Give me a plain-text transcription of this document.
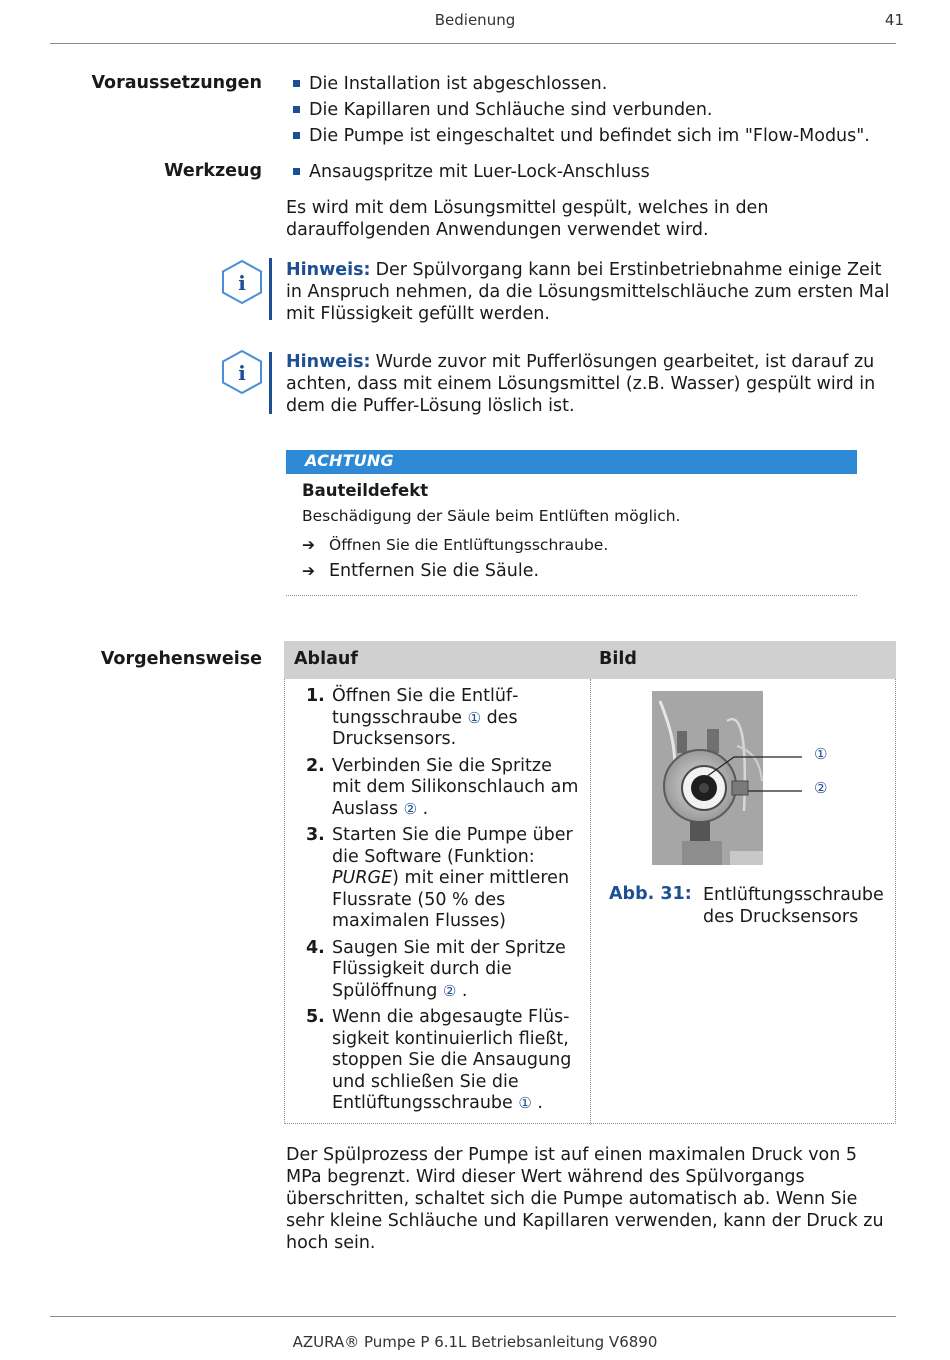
Bedienung	41
Voraussetzungen	Die Installation ist abgeschlossen.
Die Kapillaren und Schläuche sind verbunden.
Die Pumpe ist eingeschaltet und befindet sich im "Flow-Modus".
Werkzeug	Ansaugspritze mit Luer-Lock-Anschluss
Es wird mit dem Lösungsmittel gespült, welches in den darauffolgenden Anwendungen verwendet wird.
i
Hinweis: Der Spülvorgang kann bei Erstinbetriebnahme einige Zeit in Anspruch nehmen, da die Lösungsmittelschläuche zum ersten Mal mit Flüssigkeit gefüllt werden.
i Hinweis: Wurde zuvor mit Pufferlösungen gearbeitet, ist darauf zu achten, dass mit einem Lösungsmittel (z.B. Wasser) gespült wird in dem die Puffer-Lösung löslich ist.
ACHTUNG
Bauteildefekt
Beschädigung der Säule beim Entlüften möglich.
➔ Öffnen Sie die Entlüftungsschraube.
➔ Entfernen Sie die Säule.
Vorgehensweise Ablauf	Bild
1. Öffnen Sie die Entlüftungsschraube ① des Drucksensors.
2. Verbinden Sie die Spritze mit dem Silikonschlauch am Auslass ② .
3. Starten Sie die Pumpe über die Software (Funktion: PURGE) mit einer mittleren Flussrate (50 % des maximalen Flusses)
4. Saugen Sie mit der Spritze Flüssigkeit durch die Spülöffnung ② .
5. Wenn die abgesaugte Flüssigkeit kontinuierlich fließt, stoppen Sie die Ansaugung und schließen Sie die Entlüftungsschraube ① .
①
②
Abb. 31: Entlüftungsschraube des Drucksensors
Der Spülprozess der Pumpe ist auf einen maximalen Druck von 5 MPa begrenzt. Wird dieser Wert während des Spülvorgangs überschritten, schaltet sich die Pumpe automatisch ab. Wenn Sie sehr kleine Schläuche und Kapillaren verwenden, kann der Druck zu hoch sein.
AZURA® Pumpe P 6.1L Betriebsanleitung V6890
